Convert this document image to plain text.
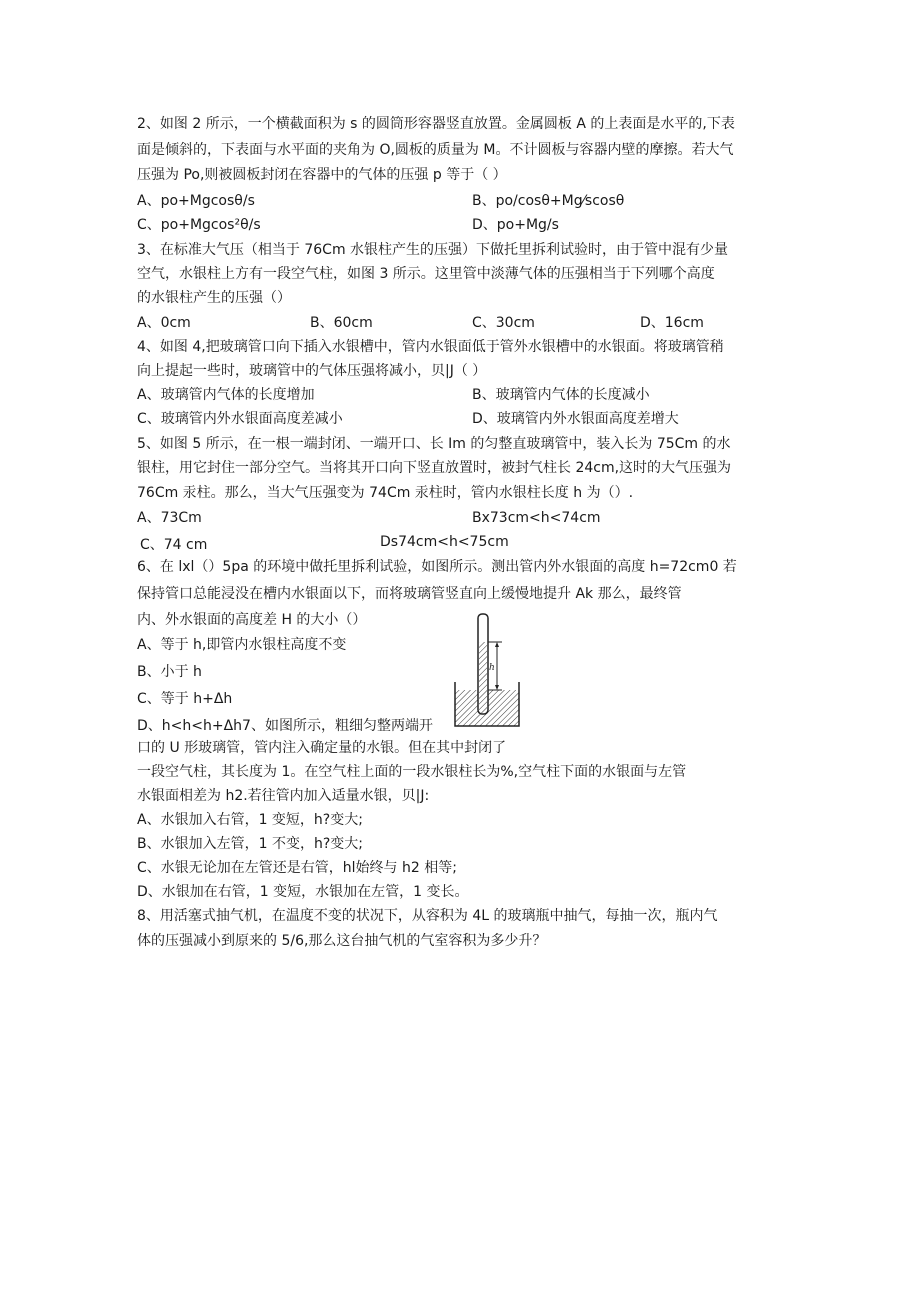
2、如图 2 所示，一个横截面积为 s 的圆筒形容器竖直放置。金属圆板 A 的上表面是水平的,下表
面是倾斜的，下表面与水平面的夹角为 O,圆板的质量为 M。不计圆板与容器内壁的摩擦。若大气
压强为 Po,则被圆板封闭在容器中的气体的压强 p 等于（ ）
A、po+Mgcosθ/s	B、po/cosθ+Mg⁄scosθ
C、po+Mgcos²θ/s	D、po+Mg/s
3、在标准大气压（相当于 76Cm 水银柱产生的压强）下做托里拆利试验时，由于管中混有少量
空气，水银柱上方有一段空气柱，如图 3 所示。这里管中淡薄气体的压强相当于下列哪个高度
的水银柱产生的压强（）
A、0cm	B、60cm	C、30cm	D、16cm
4、如图 4,把玻璃管口向下插入水银槽中，管内水银面低于管外水银槽中的水银面。将玻璃管稍
向上提起一些时，玻璃管中的气体压强将减小，贝|J（ ）
A、玻璃管内气体的长度增加	B、玻璃管内气体的长度减小
C、玻璃管内外水银面高度差减小	D、玻璃管内外水银面高度差增大
5、如图 5 所示，在一根一端封闭、一端开口、长 Im 的匀整直玻璃管中，装入长为 75Cm 的水
银柱，用它封住一部分空气。当将其开口向下竖直放置时，被封气柱长 24cm,这时的大气压强为
76Cm 汞柱。那么，当大气压强变为 74Cm 汞柱时，管内水银柱长度 h 为（）.
A、73Cm	Bx73cm<h<74cm
C、74 cm	Ds74cm<h<75cm
6、在 lxl（）5pa 的环境中做托里拆利试验，如图所示。测出管内外水银面的高度 h=72cm0 若
保持管口总能浸没在槽内水银面以下，而将玻璃管竖直向上缓慢地提升 Ak 那么，最终管
内、外水银面的高度差 H 的大小（）
A、等于 h,即管内水银柱高度不变
B、小于 h
C、等于 h+Δh
D、h<h<h+Δh7、如图所示，粗细匀整两端开
h
口的 U 形玻璃管，管内注入确定量的水银。但在其中封闭了
一段空气柱，其长度为 1。在空气柱上面的一段水银柱长为%,空气柱下面的水银面与左管
水银面相差为 h2.若往管内加入适量水银，贝|J:
A、水银加入右管，1 变短，h?变大;
B、水银加入左管，1 不变，h?变大;
C、水银无论加在左管还是右管，hl始终与 h2 相等;
D、水银加在右管，1 变短，水银加在左管，1 变长。
8、用活塞式抽气机，在温度不变的状况下，从容积为 4L 的玻璃瓶中抽气，每抽一次，瓶内气
体的压强减小到原来的 5/6,那么这台抽气机的气室容积为多少升？
